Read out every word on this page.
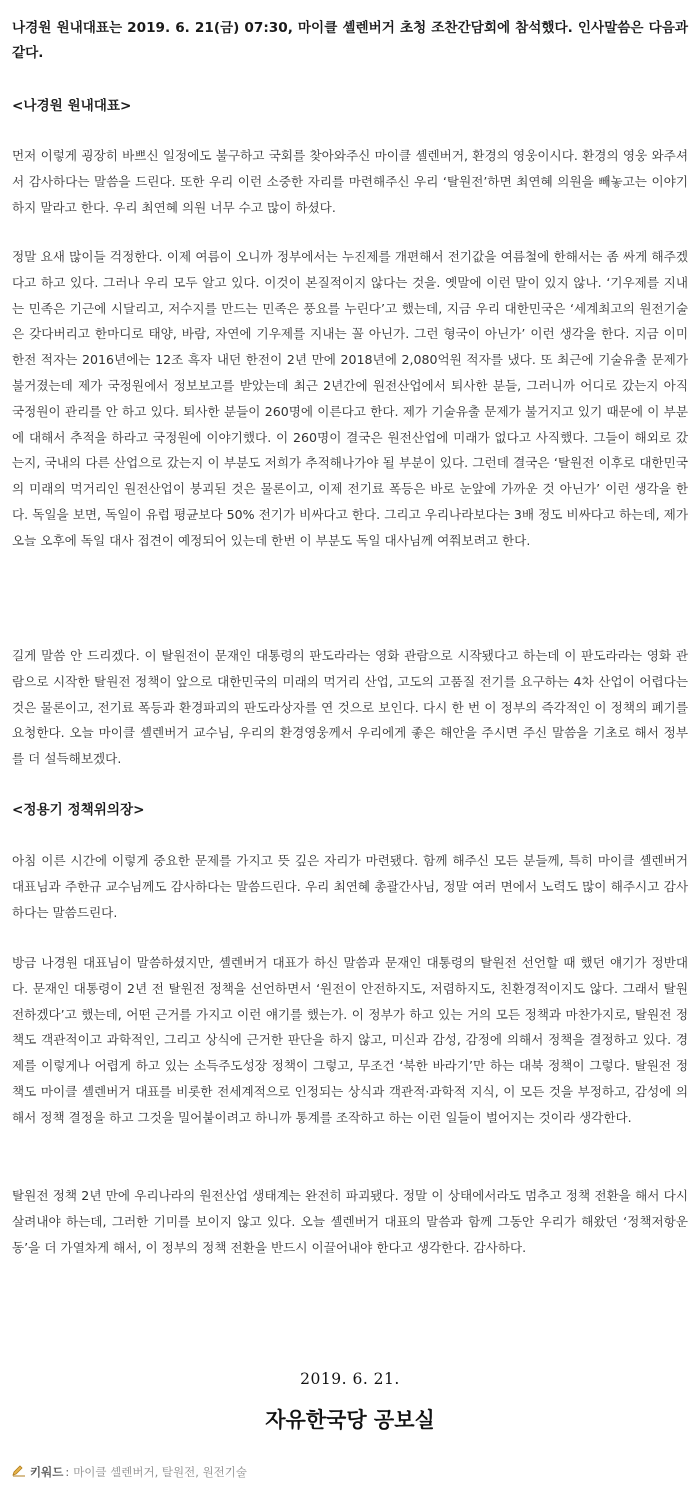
나경원 원내대표는 2019. 6. 21(금) 07:30, 마이클 셸렌버거 초청 조찬간담회에 참석했다. 인사말씀은 다음과 같다.

<나경원 원내대표>

먼저 이렇게 굉장히 바쁘신 일정에도 불구하고 국회를 찾아와주신 마이클 셸렌버거, 환경의 영웅이시다. 환경의 영웅 와주셔서 감사하다는 말씀을 드린다. 또한 우리 이런 소중한 자리를 마련해주신 우리 ‘탈원전’하면 최연혜 의원을 빼놓고는 이야기하지 말라고 한다. 우리 최연혜 의원 너무 수고 많이 하셨다.

정말 요새 많이들 걱정한다. 이제 여름이 오니까 정부에서는 누진제를 개편해서 전기값을 여름철에 한해서는 좀 싸게 해주겠다고 하고 있다. 그러나 우리 모두 알고 있다. 이것이 본질적이지 않다는 것을. 옛말에 이런 말이 있지 않나. ‘기우제를 지내는 민족은 기근에 시달리고, 저수지를 만드는 민족은 풍요를 누린다’고 했는데, 지금 우리 대한민국은 ‘세계최고의 원전기술은 갖다버리고 한마디로 태양, 바람, 자연에 기우제를 지내는 꼴 아닌가. 그런 형국이 아닌가’ 이런 생각을 한다. 지금 이미 한전 적자는 2016년에는 12조 흑자 내던 한전이 2년 만에 2018년에 2,080억원 적자를 냈다. 또 최근에 기술유출 문제가 불거졌는데 제가 국정원에서 정보보고를 받았는데 최근 2년간에 원전산업에서 퇴사한 분들, 그러니까 어디로 갔는지 아직 국정원이 관리를 안 하고 있다. 퇴사한 분들이 260명에 이른다고 한다. 제가 기술유출 문제가 불거지고 있기 때문에 이 부분에 대해서 추적을 하라고 국정원에 이야기했다. 이 260명이 결국은 원전산업에 미래가 없다고 사직했다. 그들이 해외로 갔는지, 국내의 다른 산업으로 갔는지 이 부분도 저희가 추적해나가야 될 부분이 있다. 그런데 결국은 ‘탈원전 이후로 대한민국의 미래의 먹거리인 원전산업이 붕괴된 것은 물론이고, 이제 전기료 폭등은 바로 눈앞에 가까운 것 아닌가’ 이런 생각을 한다. 독일을 보면, 독일이 유럽 평균보다 50% 전기가 비싸다고 한다. 그리고 우리나라보다는 3배 정도 비싸다고 하는데, 제가 오늘 오후에 독일 대사 접견이 예정되어 있는데 한번 이 부분도 독일 대사님께 여쭤보려고 한다.

길게 말씀 안 드리겠다. 이 탈원전이 문재인 대통령의 판도라라는 영화 관람으로 시작됐다고 하는데 이 판도라라는 영화 관람으로 시작한 탈원전 정책이 앞으로 대한민국의 미래의 먹거리 산업, 고도의 고품질 전기를 요구하는 4차 산업이 어렵다는 것은 물론이고, 전기료 폭등과 환경파괴의 판도라상자를 연 것으로 보인다. 다시 한 번 이 정부의 즉각적인 이 정책의 폐기를 요청한다. 오늘 마이클 셸렌버거 교수님, 우리의 환경영웅께서 우리에게 좋은 해안을 주시면 주신 말씀을 기초로 해서 정부를 더 설득해보겠다.

<정용기 정책위의장>

아침 이른 시간에 이렇게 중요한 문제를 가지고 뜻 깊은 자리가 마련됐다. 함께 해주신 모든 분들께, 특히 마이클 셸렌버거 대표님과 주한규 교수님께도 감사하다는 말씀드린다. 우리 최연혜 총괄간사님, 정말 여러 면에서 노력도 많이 해주시고 감사하다는 말씀드린다.

방금 나경원 대표님이 말씀하셨지만, 셸렌버거 대표가 하신 말씀과 문재인 대통령의 탈원전 선언할 때 했던 얘기가 정반대다. 문재인 대통령이 2년 전 탈원전 정책을 선언하면서 ‘원전이 안전하지도, 저렴하지도, 친환경적이지도 않다. 그래서 탈원전하겠다’고 했는데, 어떤 근거를 가지고 이런 얘기를 했는가. 이 정부가 하고 있는 거의 모든 정책과 마찬가지로, 탈원전 정책도 객관적이고 과학적인, 그리고 상식에 근거한 판단을 하지 않고, 미신과 감성, 감정에 의해서 정책을 결정하고 있다. 경제를 이렇게나 어렵게 하고 있는 소득주도성장 정책이 그렇고, 무조건 ‘북한 바라기’만 하는 대북 정책이 그렇다. 탈원전 정책도 마이클 셸렌버거 대표를 비롯한 전세계적으로 인정되는 상식과 객관적·과학적 지식, 이 모든 것을 부정하고, 감성에 의해서 정책 결정을 하고 그것을 밀어붙이려고 하니까 통계를 조작하고 하는 이런 일들이 벌어지는 것이라 생각한다.

탈원전 정책 2년 만에 우리나라의 원전산업 생태계는 완전히 파괴됐다. 정말 이 상태에서라도 멈추고 정책 전환을 해서 다시 살려내야 하는데, 그러한 기미를 보이지 않고 있다. 오늘 셸렌버거 대표의 말씀과 함께 그동안 우리가 해왔던 ‘정책저항운동’을 더 가열차게 해서, 이 정부의 정책 전환을 반드시 이끌어내야 한다고 생각한다. 감사하다.

2019. 6. 21.

자유한국당 공보실

키워드 : 마이클 셸렌버거, 탈원전, 원전기술
